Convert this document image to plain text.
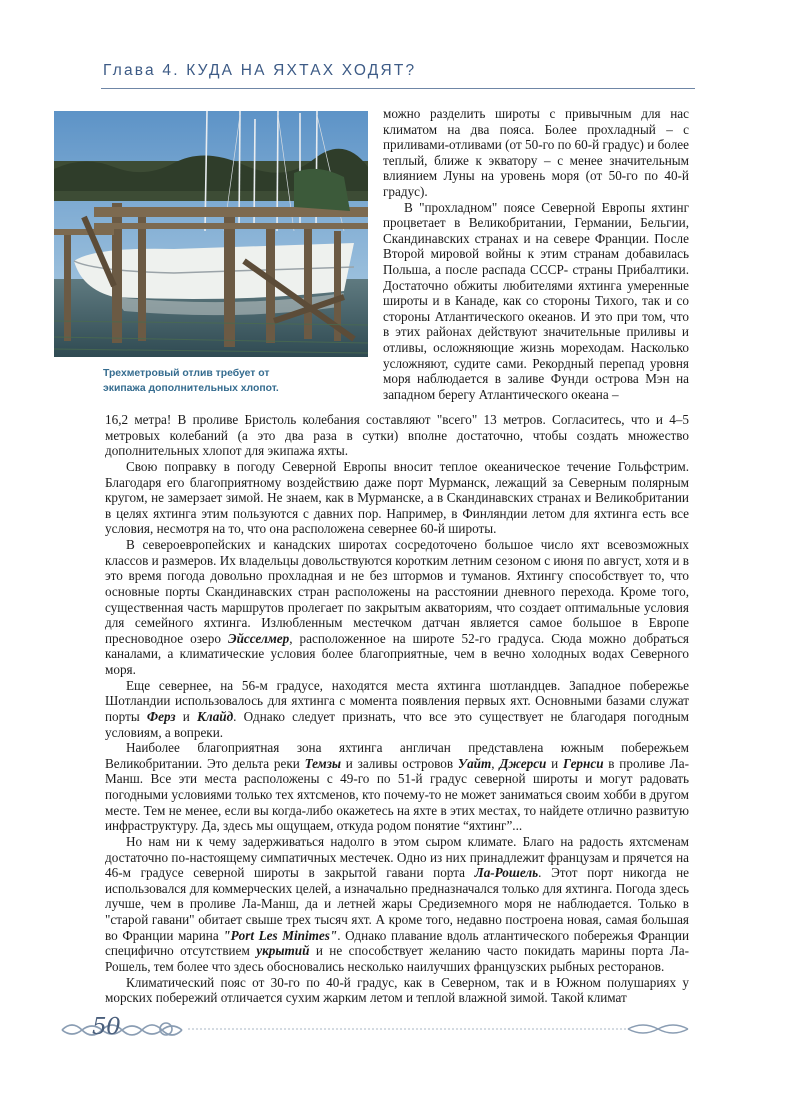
Глава 4. КУДА НА ЯХТАХ ХОДЯТ?
Трехметровый отлив требует от экипажа дополнительных хлопот.

можно разделить широты с привычным для нас климатом на два пояса. Более прохладный – с приливами-отливами (от 50-го по 60-й градус) и более теплый, ближе к экватору – с менее значительным влиянием Луны на уровень моря (от 50-го по 40-й градус).

В "прохладном" поясе Северной Европы яхтинг процветает в Великобритании, Германии, Бельгии, Скандинавских странах и на севере Франции. После Второй мировой войны к этим странам добавилась Польша, а после распада СССР- страны Прибалтики. Достаточно обжиты любителями яхтинга умеренные широты и в Канаде, как со стороны Тихого, так и со стороны Атлантического океанов. И это при том, что в этих районах действуют значительные приливы и отливы, осложняющие жизнь мореходам. Насколько усложняют, судите сами. Рекордный перепад уровня моря наблюдается в заливе Фунди острова Мэн на западном берегу Атлантического океана –

16,2 метра! В проливе Бристоль колебания составляют "всего" 13 метров. Согласитесь, что и 4–5 метровых колебаний (а это два раза в сутки) вполне достаточно, чтобы создать множество дополнительных хлопот для экипажа яхты.

Свою поправку в погоду Северной Европы вносит теплое океаническое течение Гольфстрим. Благодаря его благоприятному воздействию даже порт Мурманск, лежащий за Северным полярным кругом, не замерзает зимой. Не знаем, как в Мурманске, а в Скандинавских странах и Великобритании в целях яхтинга этим пользуются с давних пор. Например, в Финляндии летом для яхтинга есть все условия, несмотря на то, что она расположена севернее 60-й широты.

В североевропейских и канадских широтах сосредоточено большое число яхт всевозможных классов и размеров. Их владельцы довольствуются коротким летним сезоном с июня по август, хотя и в это время погода довольно прохладная и не без штормов и туманов. Яхтингу способствует то, что основные порты Скандинавских стран расположены на расстоянии дневного перехода. Кроме того, существенная часть маршрутов пролегает по закрытым акваториям, что создает оптимальные условия для семейного яхтинга. Излюбленным местечком датчан является самое большое в Европе пресноводное озеро Эйсселмер, расположенное на широте 52-го градуса. Сюда можно добраться каналами, а климатические условия более благоприятные, чем в вечно холодных водах Северного моря.

Еще севернее, на 56-м градусе, находятся места яхтинга шотландцев. Западное побережье Шотландии использовалось для яхтинга с момента появления первых яхт. Основными базами служат порты Ферз и Клайд. Однако следует признать, что все это существует не благодаря погодным условиям, а вопреки.

Наиболее благоприятная зона яхтинга англичан представлена южным побережьем Великобритании. Это дельта реки Темзы и заливы островов Уайт, Джерси и Гернси в проливе Ла-Манш. Все эти места расположены с 49-го по 51-й градус северной широты и могут радовать погодными условиями только тех яхтсменов, кто почему-то не может заниматься своим хобби в другом месте. Тем не менее, если вы когда-либо окажетесь на яхте в этих местах, то найдете отлично развитую инфраструктуру. Да, здесь мы ощущаем, откуда родом понятие “яхтинг”...

Но нам ни к чему задерживаться надолго в этом сыром климате. Благо на радость яхтсменам достаточно по-настоящему симпатичных местечек. Одно из них принадлежит французам и прячется на 46-м градусе северной широты в закрытой гавани порта Ла-Рошель. Этот порт никогда не использовался для коммерческих целей, а изначально предназначался только для яхтинга. Погода здесь лучше, чем в проливе Ла-Манш, да и летней жары Средиземного моря не наблюдается. Только в "старой гавани" обитает свыше трех тысяч яхт. А кроме того, недавно построена новая, самая большая во Франции марина "Port Les Minimes". Однако плавание вдоль атлантического побережья Франции специфично отсутствием укрытий и не способствует желанию часто покидать марины порта Ла-Рошель, тем более что здесь обосновались несколько наилучших французских рыбных ресторанов.

Климатический пояс от 30-го по 40-й градус, как в Северном, так и в Южном полушариях у морских побережий отличается сухим жарким летом и теплой влажной зимой. Такой климат

50
